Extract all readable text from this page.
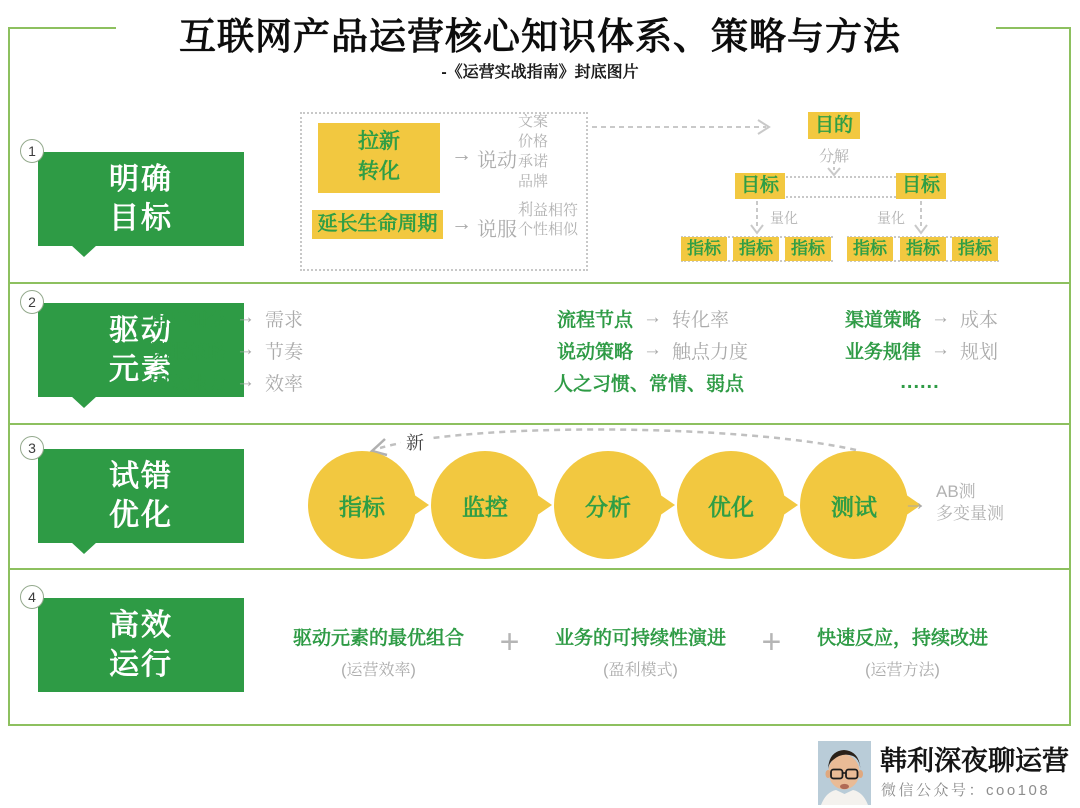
互联网产品运营核心知识体系、策略与方法
-《运营实战指南》封底图片
1
明确
目标
2
驱动
元素
3
试错
优化
4
高效
运行
拉新
转化
→ 说动
文案
价格
承诺
品牌
…
延长生命周期 → 说服
利益相符
个性相似
目的
分解
目标	目标
量化	量化
指标	指标	指标	指标	指标	指标
用户细分 → 需求
说服策略 → 节奏
团队能力 → 效率
流程节点 → 转化率
说动策略 → 触点力度
人之习惯、常情、弱点
渠道策略 → 成本
业务规律 → 规划
......
新
指标	监控	分析	优化	测试 → AB测
多变量测
驱动元素的最优组合
(运营效率)
+ 业务的可持续性演进
(盈利模式)
+ 快速反应，持续改进
(运营方法)
韩利深夜聊运营
微信公众号：coo108
